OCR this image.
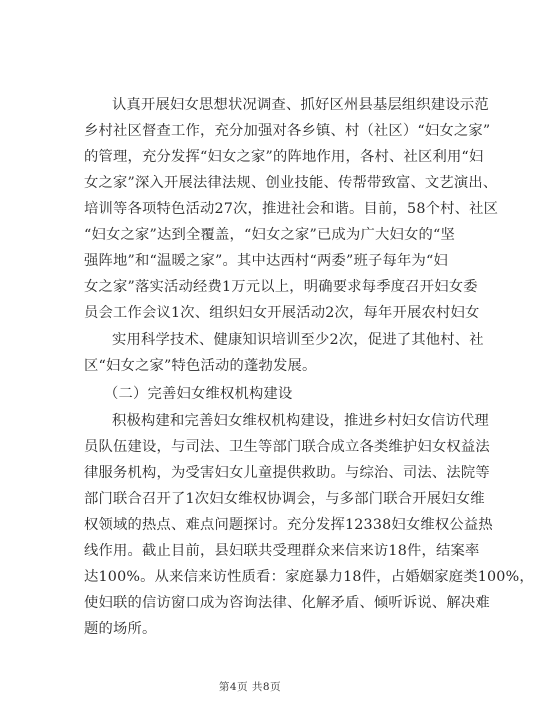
认真开展妇女思想状况调查、抓好区州县基层组织建设示范
乡村社区督查工作，充分加强对各乡镇、村（社区）“妇女之家”
的管理，充分发挥“妇女之家”的阵地作用，各村、社区利用“妇
女之家”深入开展法律法规、创业技能、传帮带致富、文艺演出、
培训等各项特色活动27次，推进社会和谐。目前，58个村、社区
“妇女之家”达到全覆盖，“妇女之家”已成为广大妇女的“坚
强阵地”和“温暖之家”。其中达西村“两委”班子每年为“妇
女之家”落实活动经费1万元以上，明确要求每季度召开妇女委
员会工作会议1次、组织妇女开展活动2次，每年开展农村妇女
实用科学技术、健康知识培训至少2次，促进了其他村、社
区“妇女之家”特色活动的蓬勃发展。
（二）完善妇女维权机构建设
积极构建和完善妇女维权机构建设，推进乡村妇女信访代理
员队伍建设，与司法、卫生等部门联合成立各类维护妇女权益法
律服务机构，为受害妇女儿童提供救助。与综治、司法、法院等
部门联合召开了1次妇女维权协调会，与多部门联合开展妇女维
权领域的热点、难点问题探讨。充分发挥12338妇女维权公益热
线作用。截止目前，县妇联共受理群众来信来访18件，结案率
达100%。从来信来访性质看：家庭暴力18件，占婚姻家庭类100%，
使妇联的信访窗口成为咨询法律、化解矛盾、倾听诉说、解决难
题的场所。
第4页 共8页
